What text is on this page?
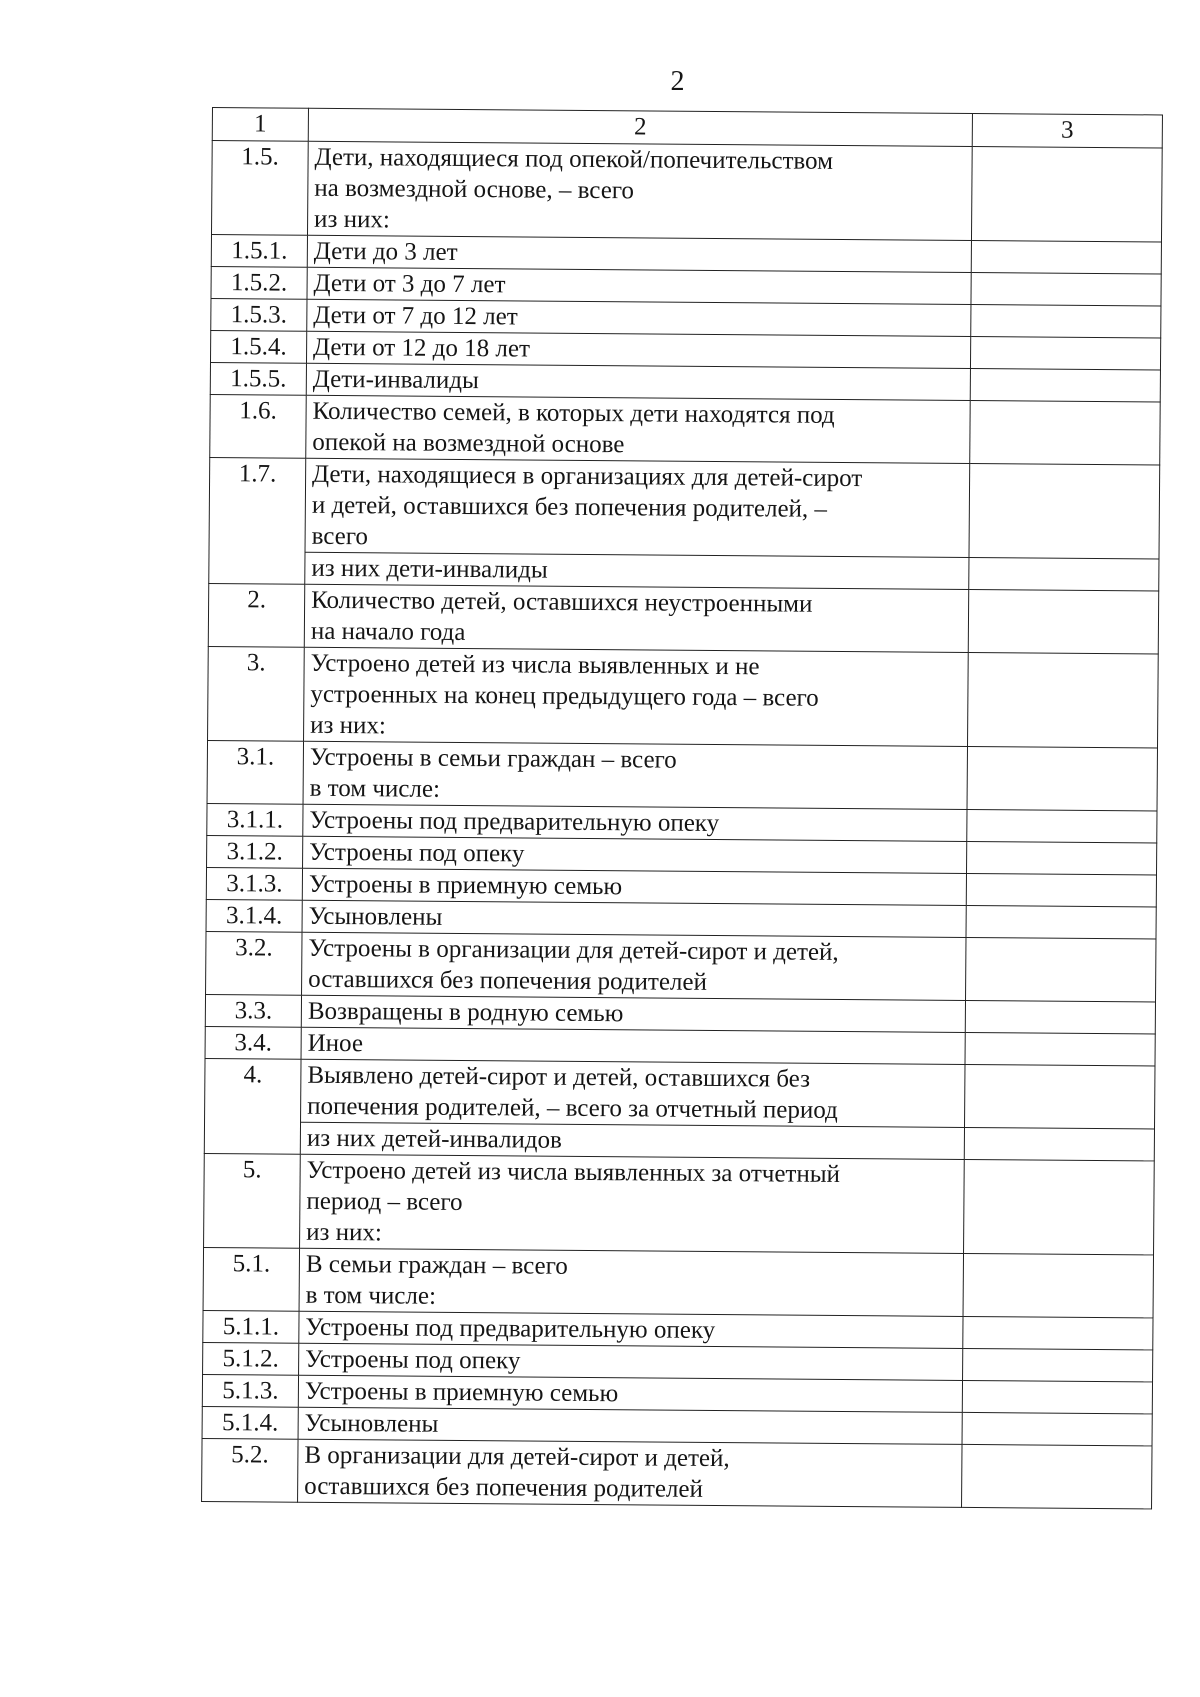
2
1	2	3
1.5.	Дети, находящиеся под опекой/попечительством
на возмездной основе, – всего
из них:	

1.5.1.	Дети до 3 лет	

1.5.2.	Дети от 3 до 7 лет	

1.5.3.	Дети от 7 до 12 лет	

1.5.4.	Дети от 12 до 18 лет	

1.5.5.	Дети-инвалиды	

1.6.	Количество семей, в которых дети находятся под
опекой на возмездной основе	

1.7.	Дети, находящиеся в организациях для детей-сирот
и детей, оставшихся без попечения родителей, –
всего	

	из них дети-инвалиды	

2.	Количество детей, оставшихся неустроенными
на начало года	

3.	Устроено детей из числа выявленных и не
устроенных на конец предыдущего года – всего
из них:	

3.1.	Устроены в семьи граждан – всего
в том числе:	

3.1.1.	Устроены под предварительную опеку	

3.1.2.	Устроены под опеку	

3.1.3.	Устроены в приемную семью	

3.1.4.	Усыновлены	

3.2.	Устроены в организации для детей-сирот и детей,
оставшихся без попечения родителей	

3.3.	Возвращены в родную семью	

3.4.	Иное	

4.	Выявлено детей-сирот и детей, оставшихся без
попечения родителей, – всего за отчетный период	

	из них детей-инвалидов	

5.	Устроено детей из числа выявленных за отчетный
период – всего
из них:	

5.1.	В семьи граждан – всего
в том числе:	

5.1.1.	Устроены под предварительную опеку	

5.1.2.	Устроены под опеку	

5.1.3.	Устроены в приемную семью	

5.1.4.	Усыновлены	

5.2.	В организации для детей-сирот и детей,
оставшихся без попечения родителей	
